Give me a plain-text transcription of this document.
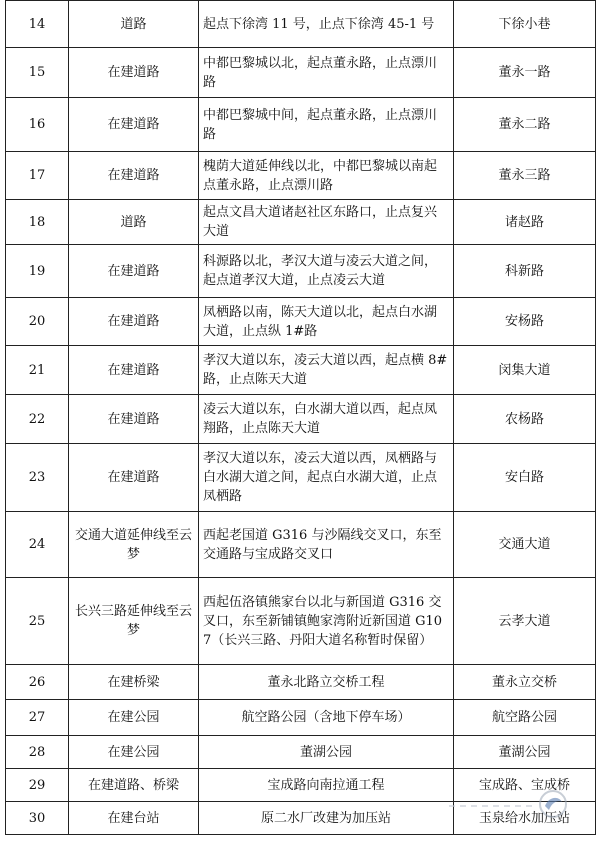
14	道路	起点下徐湾 11 号，止点下徐湾 45-1 号	下徐小巷
15	在建道路	中都巴黎城以北，起点董永路，止点漂川路	董永一路
16	在建道路	中都巴黎城中间，起点董永路，止点漂川路	董永二路
17	在建道路	槐荫大道延伸线以北，中都巴黎城以南起点董永路，止点漂川路	董永三路
18	道路	起点文昌大道诸赵社区东路口，止点复兴大道	诸赵路
19	在建道路	科源路以北，孝汉大道与凌云大道之间，起点道孝汉大道，止点凌云大道	科新路
20	在建道路	凤栖路以南，陈天大道以北，起点白水湖大道，止点纵 1#路	安杨路
21	在建道路	孝汉大道以东，凌云大道以西，起点横 8#路，止点陈天大道	闵集大道
22	在建道路	凌云大道以东，白水湖大道以西，起点凤翔路，止点陈天大道	农杨路
23	在建道路	孝汉大道以东，凌云大道以西，凤栖路与白水湖大道之间，起点白水湖大道，止点凤栖路	安白路
24	交通大道延伸线至云梦	西起老国道 G316 与沙隔线交叉口，东至交通路与宝成路交叉口	交通大道
25	长兴三路延伸线至云梦	西起伍洛镇熊家台以北与新国道 G316 交叉口，东至新铺镇鲍家湾附近新国道 G107（长兴三路、丹阳大道名称暂时保留）	云孝大道
26	在建桥梁	董永北路立交桥工程	董永立交桥
27	在建公园	航空路公园（含地下停车场）	航空路公园
28	在建公园	董湖公园	董湖公园
29	在建道路、桥梁	宝成路向南拉通工程	宝成路、宝成桥
30	在建台站	原二水厂改建为加压站	玉泉给水加压站
